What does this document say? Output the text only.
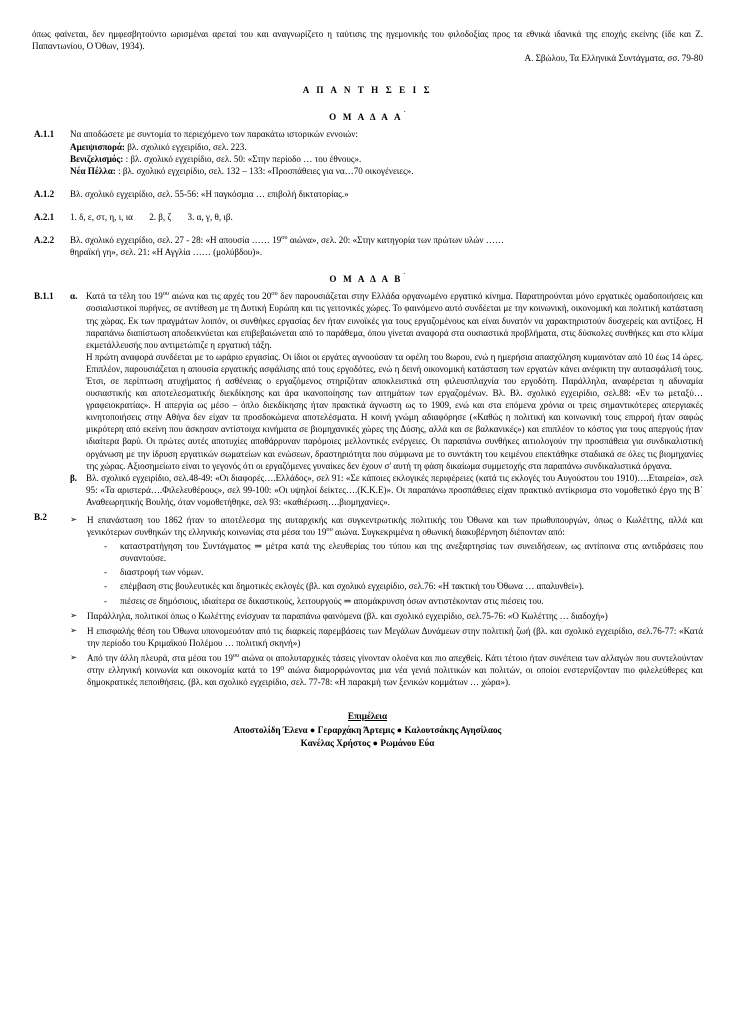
όπως φαίνεται, δεν ημφεσβητούντο ωρισμέναι αρεταί του και αναγνωρίζετο η ταύτισις της ηγεμονικής του φιλοδοξίας προς τα εθνικά ιδανικά της εποχής εκείνης (ίδε και Ζ. Παπαντωνίου, Ο Όθων, 1934).

Α. Σβώλου, Τα Ελληνικά Συντάγματα, σσ. 79-80

Α Π Α Ν Τ Η Σ Ε Ι Σ
Ο Μ Α Δ Α Α´
Α.1.1	Να αποδώσετε με συντομία το περιεχόμενο των παρακάτω ιστορικών εννοιών:

Αμειψισπορά: βλ. σχολικό εγχειρίδιο, σελ. 223.

Βενιζελισμός: : βλ. σχολικό εγχειρίδιο, σελ. 50: «Στην περίοδο … του έθνους».

Νέα Πέλλα: : βλ. σχολικό εγχειρίδιο, σελ. 132 – 133: «Προσπάθειες για να…70 οικογένειες».

Α.1.2	Βλ. σχολικό εγχειρίδιο, σελ. 55-56: «Η παγκόσμια … επιβολή δικτατορίας.»

Α.2.1	1. δ, ε, στ, η, ι, ια 2. β, ζ 3. α, γ, θ, ιβ.
Α.2.2	Βλ. σχολικό εγχειρίδιο, σελ. 27 - 28: «Η απουσία …… $19^{o\upsilon}$ αιώνα», σελ. 20: «Στην κατηγορία των πρώτων υλών ……

θηραϊκή γη», σελ. 21: «Η Αγγλία …… (μολύβδου)».

Ο Μ Α Δ Α Β´
Β.1.1	α. Κατά τα τέλη του $19^{o\upsilon}$ αιώνα και τις αρχές του $20^{o\upsilon}$ δεν παρουσιάζεται στην Ελλάδα οργανωμένο εργατικό κίνημα. Παρατηρούνται μόνο εργατικές ομαδοποιήσεις και σοσιαλιστικοί πυρήνες, σε αντίθεση με τη Δυτική Ευρώπη και τις γειτονικές χώρες. Το φαινόμενο αυτό συνδέεται με την κοινωνική, οικονομική και πολιτική κατάσταση της χώρας. Εκ των πραγμάτων λοιπόν, οι συνθήκες εργασίας δεν ήταν ευνοϊκές για τους εργαζομένους και είναι δυνατόν να χαρακτηριστούν δυσχερείς και αντίξοες. Η παραπάνω διαπίστωση αποδεικνύεται και επιβεβαιώνεται από το παράθεμα, όπου γίνεται αναφορά στα ουσιαστικά προβλήματα, στις δύσκολες συνθήκες και στο κλίμα εκμετάλλευσής που αντιμετώπιζε η εργατική τάξη.

Η πρώτη αναφορά συνδέεται με το ωράριο εργασίας. Οι ίδιοι οι εργάτες αγνοούσαν τα οφέλη του 8ωρου, ενώ η ημερήσια απασχόληση κυμαινόταν από 10 έως 14 ώρες. Επιπλέον, παρουσιάζεται η απουσία εργατικής ασφάλισης από τους εργοδότες, ενώ η δεινή οικονομική κατάσταση των εργατών κάνει ανέφικτη την αυτασφάλισή τους. Έτσι, σε περίπτωση ατυχήματος ή ασθένειας ο εργαζόμενος στηριζόταν αποκλειστικά στη φιλευσπλαχνία του εργοδότη. Παράλληλα, αναφέρεται η αδυναμία ουσιαστικής και αποτελεσματικής διεκδίκησης και άρα ικανοποίησης των αιτημάτων των εργαζομένων. Βλ. Βλ. σχολικό εγχειρίδιο, σελ.88: «Εν τω μεταξύ…γραφειοκρατίας». Η απεργία ως μέσο – όπλο διεκδίκησης ήταν πρακτικά άγνωστη ως το 1909, ενώ και στα επόμενα χρόνια οι τρεις σημαντικότερες απεργιακές κινητοποιήσεις στην Αθήνα δεν είχαν τα προσδοκώμενα αποτελέσματα. Η κοινή γνώμη αδιαφόρησε («Καθώς η πολιτική και κοινωνική τους επιρροή ήταν σαφώς μικρότερη από εκείνη που άσκησαν αντίστοιχα κινήματα σε βιομηχανικές χώρες της Δύσης, αλλά και σε βαλκανικές») και επιπλέον το κόστος για τους απεργούς ήταν ιδιαίτερα βαρύ. Οι πρώτες αυτές αποτυχίες αποθάρρυναν παρόμοιες μελλοντικές ενέργειες. Οι παραπάνω συνθήκες αιτιολογούν την προσπάθεια για συνδικαλιστική οργάνωση με την ίδρυση εργατικών σωματείων και ενώσεων, δραστηριότητα που σύμφωνα με το συντάκτη του κειμένου επεκτάθηκε σταδιακά σε όλες τις βιομηχανίες της χώρας. Αξιοσημείωτο είναι το γεγονός ότι οι εργαζόμενες γυναίκες δεν έχουν σ' αυτή τη φάση δικαίωμα συμμετοχής στα παραπάνω συνδικαλιστικά όργανα.

β. Βλ. σχολικό εγχειρίδιο, σελ.48-49: «Οι διαφορές….Ελλάδος», σελ 91: «Σε κάποιες εκλογικές περιφέρειες (κατά τις εκλογές του Αυγούστου του 1910)….Εταιρεία», σελ 95: «Τα αριστερά….Φιλελευθέρους», σελ 99-100: «Οι υψηλοί δείκτες….(Κ.Κ.Ε)». Οι παραπάνω προσπάθειες είχαν πρακτικό αντίκρισμα στο νομοθετικό έργο της Β΄ Αναθεωρητικής Βουλής, όταν νομοθετήθηκε, σελ 93: «καθιέρωση….βιομηχανίες».

Β.2	➢	Η επανάσταση του 1862 ήταν το αποτέλεσμα της αυταρχικής και συγκεντρωτικής πολιτικής του Όθωνα και των πρωθυπουργών, όπως ο Κωλέττης, αλλά και γενικότερων συνθηκών της ελληνικής κοινωνίας στα μέσα του $19^{o\upsilon}$ αιώνα. Συγκεκριμένα η οθωνική διακυβέρνηση διέπονταν από:
-	καταστρατήγηση του Συντάγματος ⇒ μέτρα κατά της ελευθερίας του τύπου και της ανεξαρτησίας των συνειδήσεων, ως αντίποινα στις αντιδράσεις που συναντούσε.
-	διαστροφή των νόμων.
-	επέμβαση στις βουλευτικές και δημοτικές εκλογές (βλ. και σχολικό εγχειρίδιο, σελ.76: «Η τακτική του Όθωνα … απαλυνθεί»).
-	πιέσεις σε δημόσιους, ιδιαίτερα σε δικαστικούς, λειτουργούς ⇒ απομάκρυνση όσων αντιστέκονταν στις πιέσεις του.
➢	Παράλληλα, πολιτικοί όπως ο Κωλέττης ενίσχυαν τα παραπάνω φαινόμενα (βλ. και σχολικό εγχειρίδιο, σελ.75-76: «Ο Κωλέττης … διαδοχή»)
➢	Η επισφαλής θέση του Όθωνα υπονομευόταν από τις διαρκείς παρεμβάσεις των Μεγάλων Δυνάμεων στην πολιτική ζωή (βλ. και σχολικό εγχειρίδιο, σελ.76-77: «Κατά την περίοδο του Κριμαϊκού Πολέμου … πολιτική σκηνή»)
➢	Από την άλλη πλευρά, στα μέσα του $19^{o\upsilon}$ αιώνα οι απολυταρχικές τάσεις γίνονταν ολοένα και πιο απεχθείς. Κάτι τέτοιο ήταν συνέπεια των αλλαγών που συντελούνταν στην ελληνική κοινωνία και οικονομία κατά το 19⁰ αιώνα διαμορφώνοντας μια νέα γενιά πολιτικών και πολιτών, οι οποίοι ενστερνίζονταν πιο φιλελεύθερες και δημοκρατικές πεποιθήσεις. (βλ. και σχολικό εγχειρίδιο, σελ. 77-78: «Η παρακμή των ξενικών κομμάτων … χώρα»).
Επιμέλεια
Αποστολίδη Έλενα ● Γεραρχάκη Άρτεμις ● Καλουτσάκης Αγησίλαος
Κανέλας Χρήστος ● Ρωμάνου Εύα
